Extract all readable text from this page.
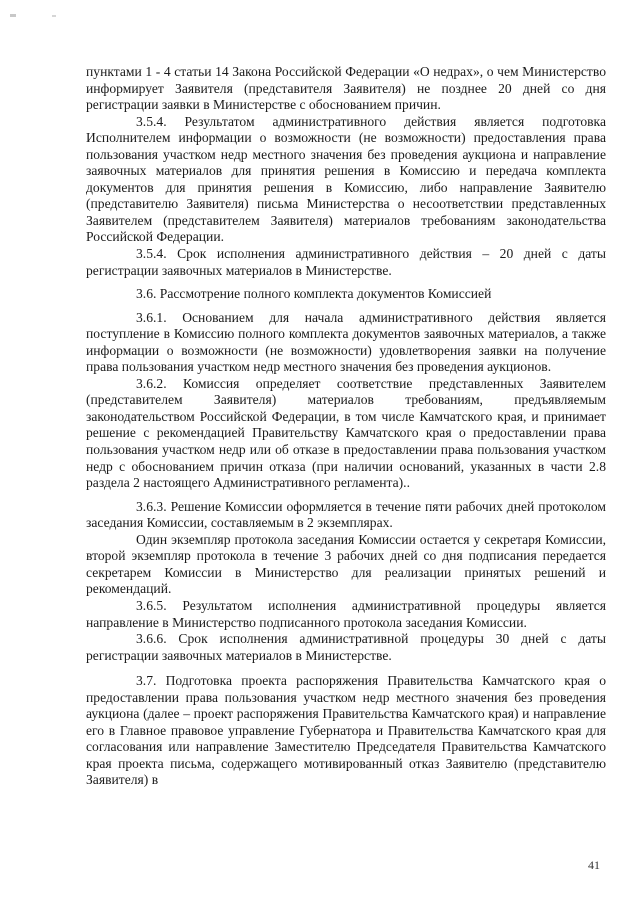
пунктами 1 - 4 статьи 14 Закона Российской Федерации «О недрах», о чем Министерство информирует Заявителя (представителя Заявителя) не позднее 20 дней со дня регистрации заявки в Министерстве с обоснованием причин.

3.5.4. Результатом административного действия является подготовка Исполнителем информации о возможности (не возможности) предоставления права пользования участком недр местного значения без проведения аукциона и направление заявочных материалов для принятия решения в Комиссию и передача комплекта документов для принятия решения в Комиссию, либо направление Заявителю (представителю Заявителя) письма Министерства о несоответствии представленных Заявителем (представителем Заявителя) материалов требованиям законодательства Российской Федерации.

3.5.4. Срок исполнения административного действия – 20 дней с даты регистрации заявочных материалов в Министерстве.

3.6. Рассмотрение полного комплекта документов Комиссией

3.6.1. Основанием для начала административного действия является поступление в Комиссию полного комплекта документов заявочных материалов, а также информации о возможности (не возможности) удовлетворения заявки на получение права пользования участком недр местного значения без проведения аукционов.

3.6.2. Комиссия определяет соответствие представленных Заявителем (представителем Заявителя) материалов требованиям, предъявляемым законодательством Российской Федерации, в том числе Камчатского края, и принимает решение с рекомендацией Правительству Камчатского края о предоставлении права пользования участком недр или об отказе в предоставлении права пользования участком недр с обоснованием причин отказа (при наличии оснований, указанных в части 2.8 раздела 2 настоящего Административного регламента)..

3.6.3. Решение Комиссии оформляется в течение пяти рабочих дней протоколом заседания Комиссии, составляемым в 2 экземплярах.

Один экземпляр протокола заседания Комиссии остается у секретаря Комиссии, второй экземпляр протокола в течение 3 рабочих дней со дня подписания передается секретарем Комиссии в Министерство для реализации принятых решений и рекомендаций.

3.6.5. Результатом исполнения административной процедуры является направление в Министерство подписанного протокола заседания Комиссии.

3.6.6. Срок исполнения административной процедуры 30 дней с даты регистрации заявочных материалов в Министерстве.

3.7. Подготовка проекта распоряжения Правительства Камчатского края о предоставлении права пользования участком недр местного значения без проведения аукциона (далее – проект распоряжения Правительства Камчатского края) и направление его в Главное правовое управление Губернатора и Правительства Камчатского края для согласования или направление Заместителю Председателя Правительства Камчатского края проекта письма, содержащего мотивированный отказ Заявителю (представителю Заявителя) в

41
